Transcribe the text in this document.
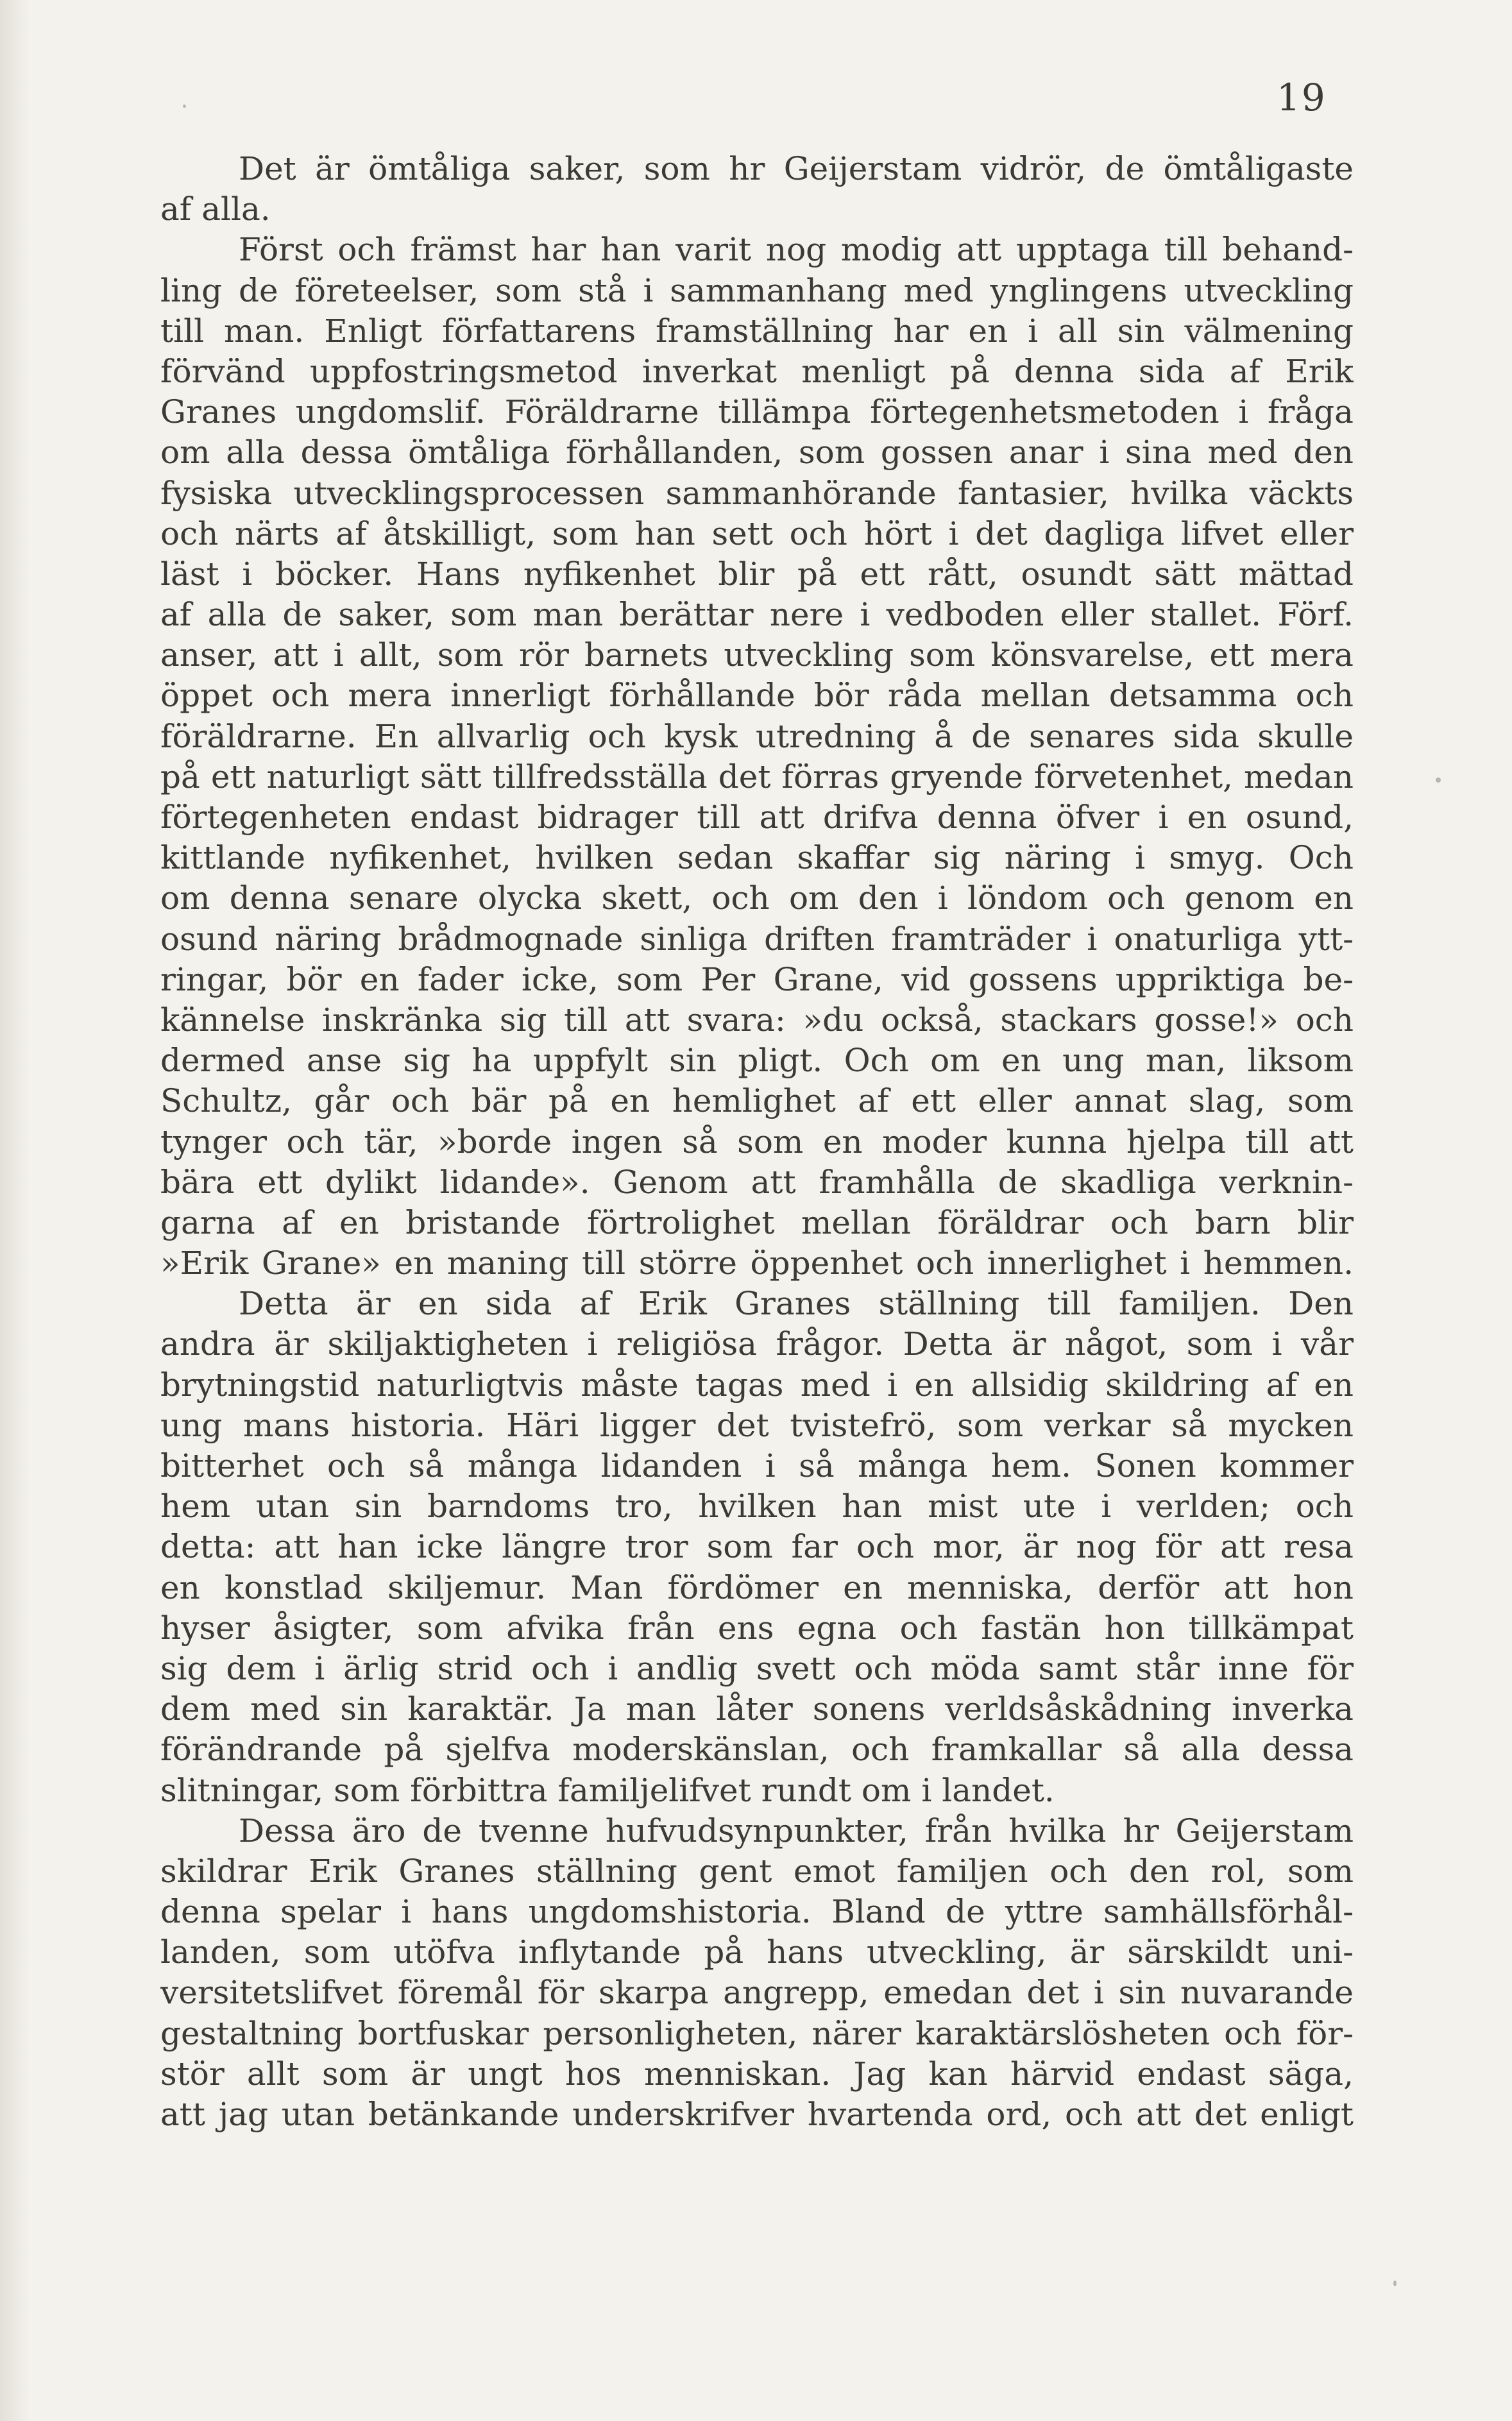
19
Det är ömtåliga saker, som hr Geijerstam vidrör, de ömtåligaste
af alla.
Först och främst har han varit nog modig att upptaga till behand-
ling de företeelser, som stå i sammanhang med ynglingens utveckling
till man. Enligt författarens framställning har en i all sin välmening
förvänd uppfostringsmetod inverkat menligt på denna sida af Erik
Granes ungdomslif. Föräldrarne tillämpa förtegenhetsmetoden i fråga
om alla dessa ömtåliga förhållanden, som gossen anar i sina med den
fysiska utvecklingsprocessen sammanhörande fantasier, hvilka väckts
och närts af åtskilligt, som han sett och hört i det dagliga lifvet eller
läst i böcker. Hans nyfikenhet blir på ett rått, osundt sätt mättad
af alla de saker, som man berättar nere i vedboden eller stallet. Förf.
anser, att i allt, som rör barnets utveckling som könsvarelse, ett mera
öppet och mera innerligt förhållande bör råda mellan detsamma och
föräldrarne. En allvarlig och kysk utredning å de senares sida skulle
på ett naturligt sätt tillfredsställa det förras gryende förvetenhet, medan
förtegenheten endast bidrager till att drifva denna öfver i en osund,
kittlande nyfikenhet, hvilken sedan skaffar sig näring i smyg. Och
om denna senare olycka skett, och om den i löndom och genom en
osund näring brådmognade sinliga driften framträder i onaturliga ytt-
ringar, bör en fader icke, som Per Grane, vid gossens uppriktiga be-
kännelse inskränka sig till att svara: »du också, stackars gosse!» och
dermed anse sig ha uppfylt sin pligt. Och om en ung man, liksom
Schultz, går och bär på en hemlighet af ett eller annat slag, som
tynger och tär, »borde ingen så som en moder kunna hjelpa till att
bära ett dylikt lidande». Genom att framhålla de skadliga verknin-
garna af en bristande förtrolighet mellan föräldrar och barn blir
»Erik Grane» en maning till större öppenhet och innerlighet i hemmen.
Detta är en sida af Erik Granes ställning till familjen. Den
andra är skiljaktigheten i religiösa frågor. Detta är något, som i vår
brytningstid naturligtvis måste tagas med i en allsidig skildring af en
ung mans historia. Häri ligger det tvistefrö, som verkar så mycken
bitterhet och så många lidanden i så många hem. Sonen kommer
hem utan sin barndoms tro, hvilken han mist ute i verlden; och
detta: att han icke längre tror som far och mor, är nog för att resa
en konstlad skiljemur. Man fördömer en menniska, derför att hon
hyser åsigter, som afvika från ens egna och fastän hon tillkämpat
sig dem i ärlig strid och i andlig svett och möda samt står inne för
dem med sin karaktär. Ja man låter sonens verldsåskådning inverka
förändrande på sjelfva moderskänslan, och framkallar så alla dessa
slitningar, som förbittra familjelifvet rundt om i landet.
Dessa äro de tvenne hufvudsynpunkter, från hvilka hr Geijerstam
skildrar Erik Granes ställning gent emot familjen och den rol, som
denna spelar i hans ungdomshistoria. Bland de yttre samhällsförhål-
landen, som utöfva inflytande på hans utveckling, är särskildt uni-
versitetslifvet föremål för skarpa angrepp, emedan det i sin nuvarande
gestaltning bortfuskar personligheten, närer karaktärslösheten och för-
stör allt som är ungt hos menniskan. Jag kan härvid endast säga,
att jag utan betänkande underskrifver hvartenda ord, och att det enligt
